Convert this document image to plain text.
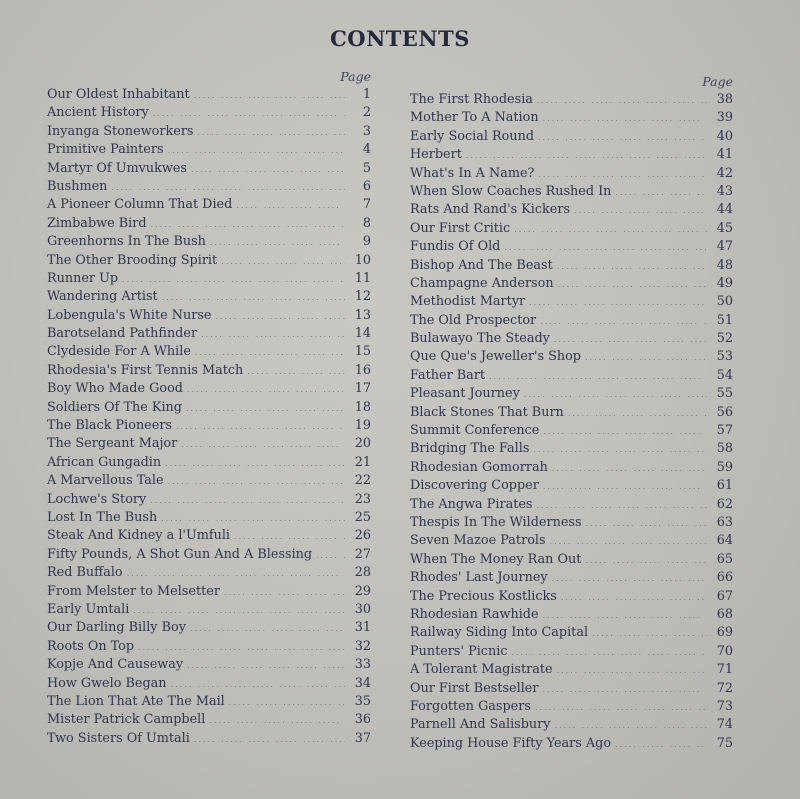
CONTENTS
Page
Our Oldest Inhabitant .....	1
Ancient History .....	2
Inyanga Stoneworkers .....	3
Primitive Painters .....	4
Martyr Of Umvukwes .....	5
Bushmen .....	6
A Pioneer Column That Died .....	7
Zimbabwe Bird .....	8
Greenhorns In The Bush .....	9
The Other Brooding Spirit .....	10
Runner Up .....	11
Wandering Artist .....	12
Lobengula's White Nurse .....	13
Barotseland Pathfinder .....	14
Clydeside For A While .....	15
Rhodesia's First Tennis Match .....	16
Boy Who Made Good .....	17
Soldiers Of The King .....	18
The Black Pioneers .....	19
The Sergeant Major .....	20
African Gungadin .....	21
A Marvellous Tale .....	22
Lochwe's Story .....	23
Lost In The Bush .....	25
Steak And Kidney a l'Umfuli .....	26
Fifty Pounds, A Shot Gun And A Blessing .....	27
Red Buffalo .....	28
From Melster to Melsetter .....	29
Early Umtali .....	30
Our Darling Billy Boy .....	31
Roots On Top .....	32
Kopje And Causeway .....	33
How Gwelo Began .....	34
The Lion That Ate The Mail .....	35
Mister Patrick Campbell .....	36
Two Sisters Of Umtali .....	37
Page
The First Rhodesia .....	38
Mother To A Nation .....	39
Early Social Round .....	40
Herbert .....	41
What's In A Name? .....	42
When Slow Coaches Rushed In .....	43
Rats And Rand's Kickers .....	44
Our First Critic .....	45
Fundis Of Old .....	47
Bishop And The Beast .....	48
Champagne Anderson .....	49
Methodist Martyr .....	50
The Old Prospector .....	51
Bulawayo The Steady .....	52
Que Que's Jeweller's Shop .....	53
Father Bart .....	54
Pleasant Journey .....	55
Black Stones That Burn .....	56
Summit Conference .....	57
Bridging The Falls .....	58
Rhodesian Gomorrah .....	59
Discovering Copper .....	61
The Angwa Pirates .....	62
Thespis In The Wilderness .....	63
Seven Mazoe Patrols .....	64
When The Money Ran Out .....	65
Rhodes' Last Journey .....	66
The Precious Kostlicks .....	67
Rhodesian Rawhide .....	68
Railway Siding Into Capital .....	69
Punters' Picnic .....	70
A Tolerant Magistrate .....	71
Our First Bestseller .....	72
Forgotten Gaspers .....	73
Parnell And Salisbury .....	74
Keeping House Fifty Years Ago .....	75
